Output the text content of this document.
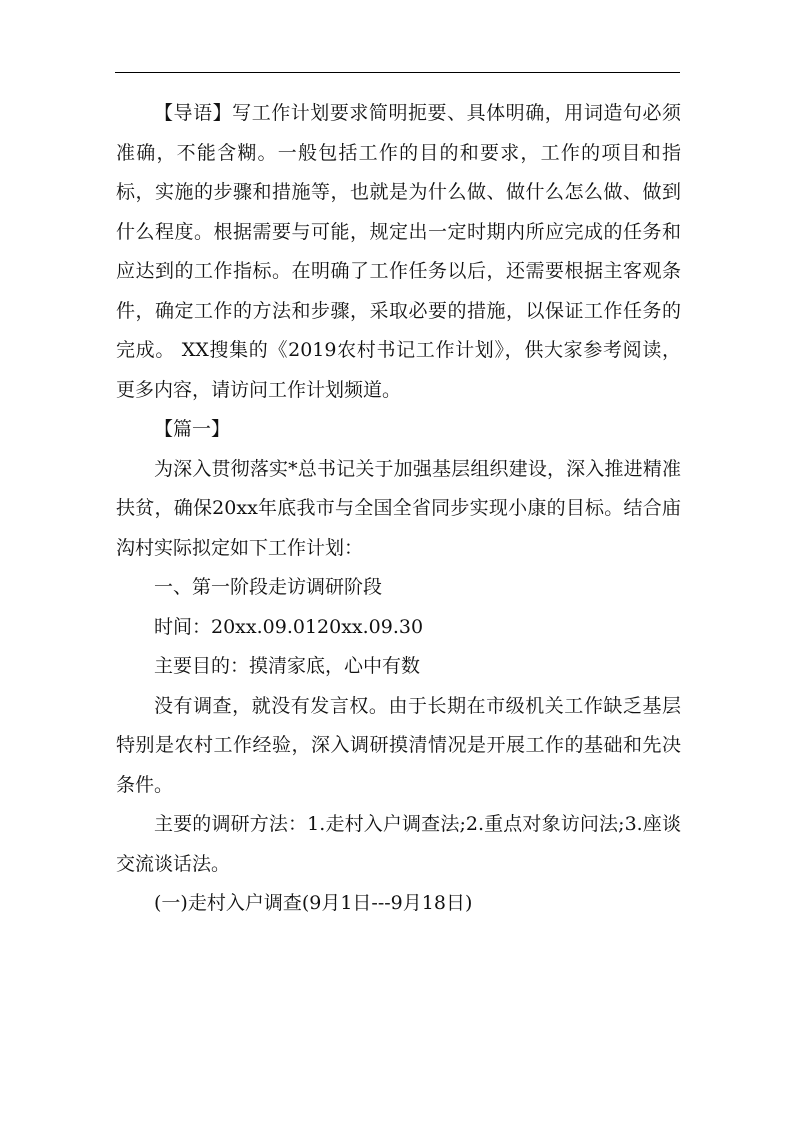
【导语】写工作计划要求简明扼要、具体明确，用词造句必须准确，不能含糊。一般包括工作的目的和要求，工作的项目和指标，实施的步骤和措施等，也就是为什么做、做什么怎么做、做到什么程度。根据需要与可能，规定出一定时期内所应完成的任务和应达到的工作指标。在明确了工作任务以后，还需要根据主客观条件，确定工作的方法和步骤，采取必要的措施，以保证工作任务的完成。 XX搜集的《2019农村书记工作计划》，供大家参考阅读，更多内容，请访问工作计划频道。

【篇一】

为深入贯彻落实*总书记关于加强基层组织建设，深入推进精准扶贫，确保20xx年底我市与全国全省同步实现小康的目标。结合庙沟村实际拟定如下工作计划：

一、第一阶段走访调研阶段

时间：20xx.09.0120xx.09.30

主要目的：摸清家底，心中有数

没有调查，就没有发言权。由于长期在市级机关工作缺乏基层特别是农村工作经验，深入调研摸清情况是开展工作的基础和先决条件。

主要的调研方法：1.走村入户调查法;2.重点对象访问法;3.座谈交流谈话法。

(一)走村入户调查(9月1日---9月18日)
